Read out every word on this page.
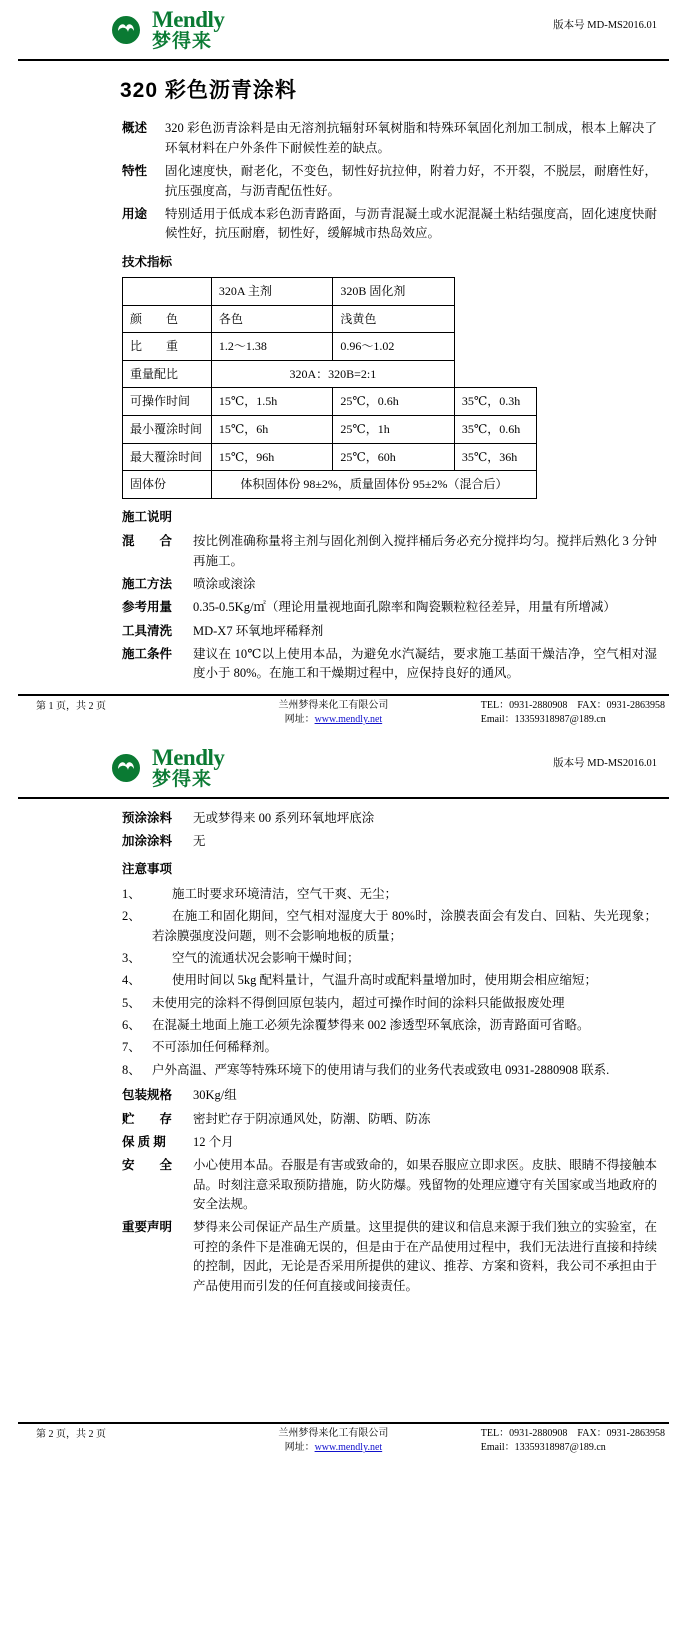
Mendly
梦得来
版本号 MD-MS2016.01
320 彩色沥青涂料
概述	320 彩色沥青涂料是由无溶剂抗辐射环氧树脂和特殊环氧固化剂加工制成，根本上解决了环氧材料在户外条件下耐候性差的缺点。
特性	固化速度快，耐老化，不变色，韧性好抗拉伸，附着力好，不开裂，不脱层，耐磨性好，抗压强度高，与沥青配伍性好。
用途	特别适用于低成本彩色沥青路面，与沥青混凝土或水泥混凝土粘结强度高，固化速度快耐候性好，抗压耐磨，韧性好，缓解城市热岛效应。
技术指标
	320A 主剂	320B 固化剂	
颜　　色	各色	浅黄色	
比　　重	1.2～1.38	0.96～1.02	
重量配比	320A：320B=2:1		
可操作时间	15℃，1.5h	25℃，0.6h	35℃，0.3h
最小覆涂时间	15℃，6h	25℃，1h	35℃，0.6h
最大覆涂时间	15℃，96h	25℃，60h	35℃，36h
固体份	体积固体份 98±2%，质量固体份 95±2%（混合后）		
施工说明
混　　合	按比例准确称量将主剂与固化剂倒入搅拌桶后务必充分搅拌均匀。搅拌后熟化 3 分钟再施工。
施工方法	喷涂或滚涂
参考用量	0.35-0.5Kg/㎡（理论用量视地面孔隙率和陶瓷颗粒粒径差异，用量有所增减）
工具清洗	MD-X7 环氧地坪稀释剂
施工条件	建议在 10℃以上使用本品，为避免水汽凝结，要求施工基面干燥洁净，空气相对湿度小于 80%。在施工和干燥期过程中，应保持良好的通风。
第 1 页，共 2 页	兰州梦得来化工有限公司
网址：www.mendly.net
TEL：0931-2880908 FAX：0931-2863958
Email：13359318987@189.cn
Mendly
梦得来
版本号 MD-MS2016.01
预涂涂料	无或梦得来 00 系列环氧地坪底涂
加涂涂料	无
注意事项
1、	施工时要求环境清洁，空气干爽、无尘；
2、	在施工和固化期间，空气相对湿度大于 80%时，涂膜表面会有发白、回粘、失光现象；若涂膜强度没问题，则不会影响地板的质量；
3、	空气的流通状况会影响干燥时间；
4、	使用时间以 5kg 配料量计，气温升高时或配料量增加时，使用期会相应缩短；
5、 未使用完的涂料不得倒回原包装内，超过可操作时间的涂料只能做报废处理
6、 在混凝土地面上施工必须先涂覆梦得来 002 渗透型环氧底涂，沥青路面可省略。
7、 不可添加任何稀释剂。
8、 户外高温、严寒等特殊环境下的使用请与我们的业务代表或致电 0931-2880908 联系.
包装规格	30Kg/组
贮　　存	密封贮存于阴凉通风处，防潮、防晒、防冻
保 质 期	12 个月
安　　全	小心使用本品。吞服是有害或致命的，如果吞服应立即求医。皮肤、眼睛不得接触本品。时刻注意采取预防措施，防火防爆。残留物的处理应遵守有关国家或当地政府的安全法规。
重要声明	梦得来公司保证产品生产质量。这里提供的建议和信息来源于我们独立的实验室，在可控的条件下是准确无误的，但是由于在产品使用过程中，我们无法进行直接和持续的控制，因此，无论是否采用所提供的建议、推荐、方案和资料，我公司不承担由于产品使用而引发的任何直接或间接责任。
第 2 页，共 2 页	兰州梦得来化工有限公司
网址：www.mendly.net
TEL：0931-2880908 FAX：0931-2863958
Email：13359318987@189.cn
